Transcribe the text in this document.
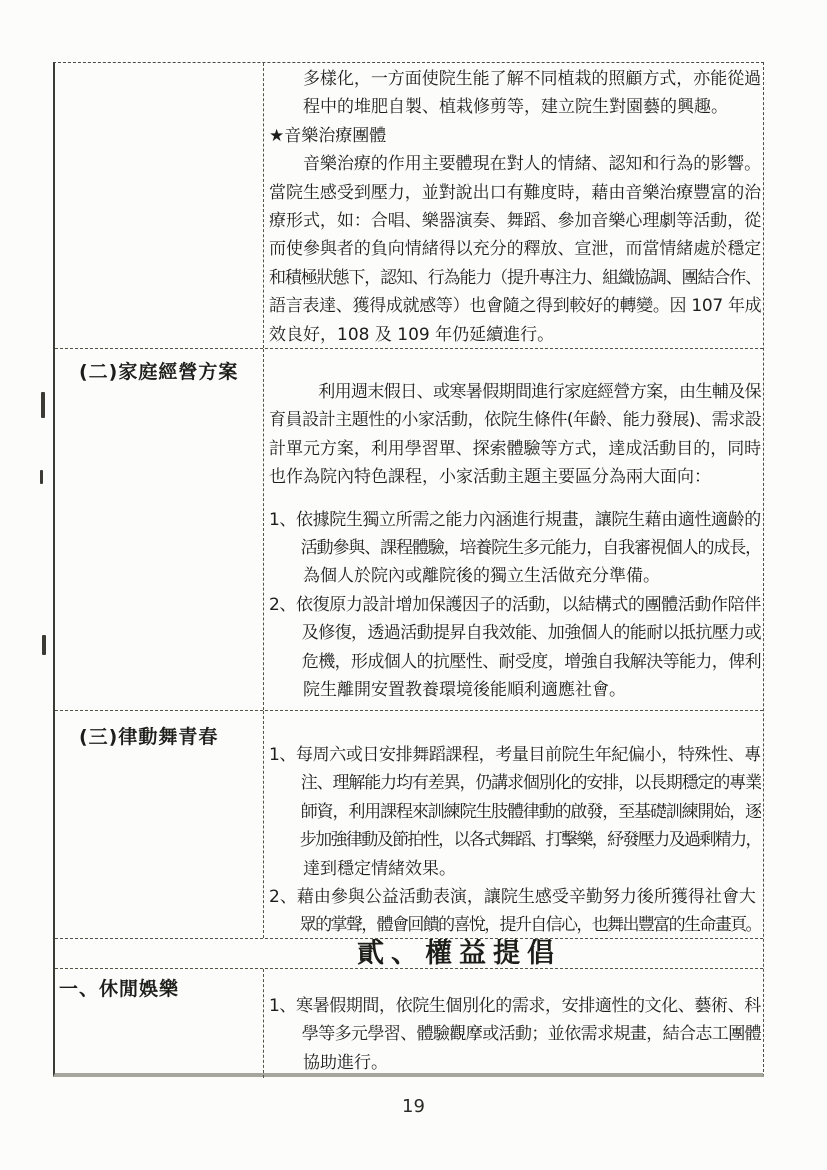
　　多樣化，一方面使院生能了解不同植栽的照顧方式，亦能從過
　　程中的堆肥自製、植栽修剪等，建立院生對園藝的興趣。
★音樂治療團體
　　音樂治療的作用主要體現在對人的情緒、認知和行為的影響。
當院生感受到壓力，並對說出口有難度時，藉由音樂治療豐富的治
療形式，如：合唱、樂器演奏、舞蹈、參加音樂心理劇等活動，從
而使參與者的負向情緒得以充分的釋放、宣泄，而當情緒處於穩定
和積極狀態下，認知、行為能力（提升專注力、組織協調、團結合作、
語言表達、獲得成就感等）也會隨之得到較好的轉變。因 107 年成
效良好，108 及 109 年仍延續進行。
(二)家庭經營方案
　　　利用週末假日、或寒暑假期間進行家庭經營方案，由生輔及保
育員設計主題性的小家活動，依院生條件(年齡、能力發展)、需求設
計單元方案，利用學習單、探索體驗等方式，達成活動目的，同時
也作為院內特色課程，小家活動主題主要區分為兩大面向：
1、依據院生獨立所需之能力內涵進行規畫，讓院生藉由適性適齡的
　　活動參與、課程體驗，培養院生多元能力，自我審視個人的成長，
　　為個人於院內或離院後的獨立生活做充分準備。
2、依復原力設計增加保護因子的活動，以結構式的團體活動作陪伴
　　及修復，透過活動提昇自我效能、加強個人的能耐以抵抗壓力或
　　危機，形成個人的抗壓性、耐受度，增強自我解決等能力，俾利
　　院生離開安置教養環境後能順利適應社會。
(三)律動舞青春
1、每周六或日安排舞蹈課程，考量目前院生年紀偏小，特殊性、專
　　注、理解能力均有差異，仍講求個別化的安排，以長期穩定的專業
　　師資，利用課程來訓練院生肢體律動的啟發，至基礎訓練開始，逐
　　步加強律動及節拍性，以各式舞蹈、打擊樂，紓發壓力及過剩精力，
　　達到穩定情緒效果。
2、藉由參與公益活動表演，讓院生感受辛勤努力後所獲得社會大
　　眾的掌聲，體會回饋的喜悅，提升自信心，也舞出豐富的生命畫頁。
貳、權益提倡
一、休閒娛樂
1、寒暑假期間，依院生個別化的需求，安排適性的文化、藝術、科
　　學等多元學習、體驗觀摩或活動；並依需求規畫，結合志工團體
　　協助進行。
19
